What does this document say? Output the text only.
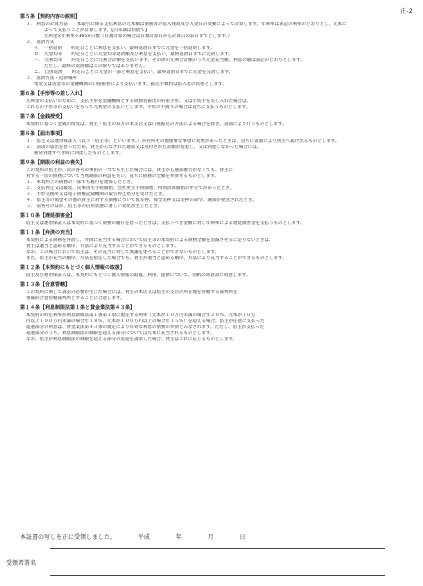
正-2
第５条【契約内容の説明】
１． 利息の計算方法　　本取引に係る支払利息の元本額は債務者の借入残高及び入金日の変動によって計算します。年利率は表記の利率のとおりとし、元本に
よって支払うことが計算します。【円未満は切捨て】
元利金×年利率÷365×日数（日割計算の場合は日割計算日から計算日の前日までとします。）
２． 返済方式
イ． 一括返済　　約定日ごとに利息を支払い、最終返済日までに元金を一括返済します。
ロ． 元金均等　　約定日ごとに元金均等返済額及び利息を支払い、最終返済日までに完済します。
ハ． 元利均等　　約定日ごとに元利合計額を支払います。その際の元利合計額のうち元金充当額、利息の額は表記のとおりとします。
ただし、最終の返済額はこの限りではありません。
ニ． 自由返済　　約定日ごとに元金の一部と利息を支払い、最終返済日までに元金を完済します。
３． 返済方法・返済場所
集金又は送金等の金融機関の口座振替により支払います。振込手数料は借入者の負担とします。
第６条【手形等の差し入れ】
元利金の支払いのために、支払手形を金融機関とする債務者振出の約束手形、又は小切手を差し入れた場合は、
これらの手形等の支払いをもって元利金の支払いとします。手形の不渡りの場合は直ちに支払うものとします。
第７条【金銭授受】
本契約に基づく金銭の授受は、貸主・借主の双方の本支店又は口座振込の方法による場合を除き、書面により行うものとします。
第８条【届出事項】
１． 借主又は連帯保証人（以下「借主等」といいます。）が住所その他重要な事項に変更があったときは、直ちに書面により貸主へ届け出るものとします。
２． 前項の届出を怠ったため、貸主からなされた通知又は送付された書類が延着し、又は到達しなかった場合には、
通常到達すべき時に到達したものとします。
第９条【期限の利益の喪失】
この契約の借主が、次の各号の事由の一つでも生じた場合には、貸主から通知催告がなくても、貸主に
対する一切の債務について当然期限の利益を失い、直ちに債務の全額を弁済するものとします。
１． 本契約上の債務の一部でも履行を遅滞したとき。
２． 支払停止又は破産、民事再生手続開始、会社更生手続開始、特別清算開始の申立てがあったとき。
３． 手形交換所又は電子債権記録機関の取引停止処分を受けたとき。
４． 借主等の預金その他の貸主に対する債権について仮差押、保全差押又は差押の命令、通知が発送されたとき。
５． 前各号のほか、借主等の信用状態に著しい変化が生じたとき。
第１０条【遅延損害金】
借主又は連帯保証人は本契約に基づく債務の履行を怠ったときは、支払うべき金額に対し年利率による遅延損害金を支払うものとします。
第１１条【弁済の充当】
本契約による債務を弁済し、弁済に充当する場合において借主等の本契約による債務全額を消滅させるに足りないときは、
貸主は適当と認める順序、方法により充当することができるものとします。
なお、この場合において借主は、その充当に対して異議を述べることができないものとします。
また、借主が充当の順序、方法を指定した場合でも、貸主が適当と認める順序、方法により充当することができるものとします。
第１２条【本契約にもとづく個人情報の取扱】
借主及び連帯保証人は、本契約にもとづく個人情報の取扱、利用、提供について、別紙の同意書に同意します。
第１３条【合意管轄】
この契約に関して訴訟の必要が生じた場合には、貸主の本店又は借主の支店の所在地を管轄する裁判所を
専属的合意管轄裁判所とすることに合意します。
第１４条【利息制限法第１条と貸金業法第４３条】
本契約の約定利率が利息制限法第１条第１項に規定する利率（元本が１０万円未満の場合年２０％、元本が１０万
円以上１００万円未満の場合年１８％、元本が１００万円以上の場合年１５％）を超える場合、借主が任意に支払った
超過部分の利息は、貸金業法第４３条の規定により有効な利息の債務の弁済とみなされます。ただし、借主が支払った
超過部分のうち、利息制限法の制限を超える部分については元本に充当されるものとします。
なお、借主が利息制限法の制限を超える部分の返還を請求した場合、貸主はこれに応じるものとします。
本証書の写しを正に受領しました。	平成	年	月	日
受領者署名
